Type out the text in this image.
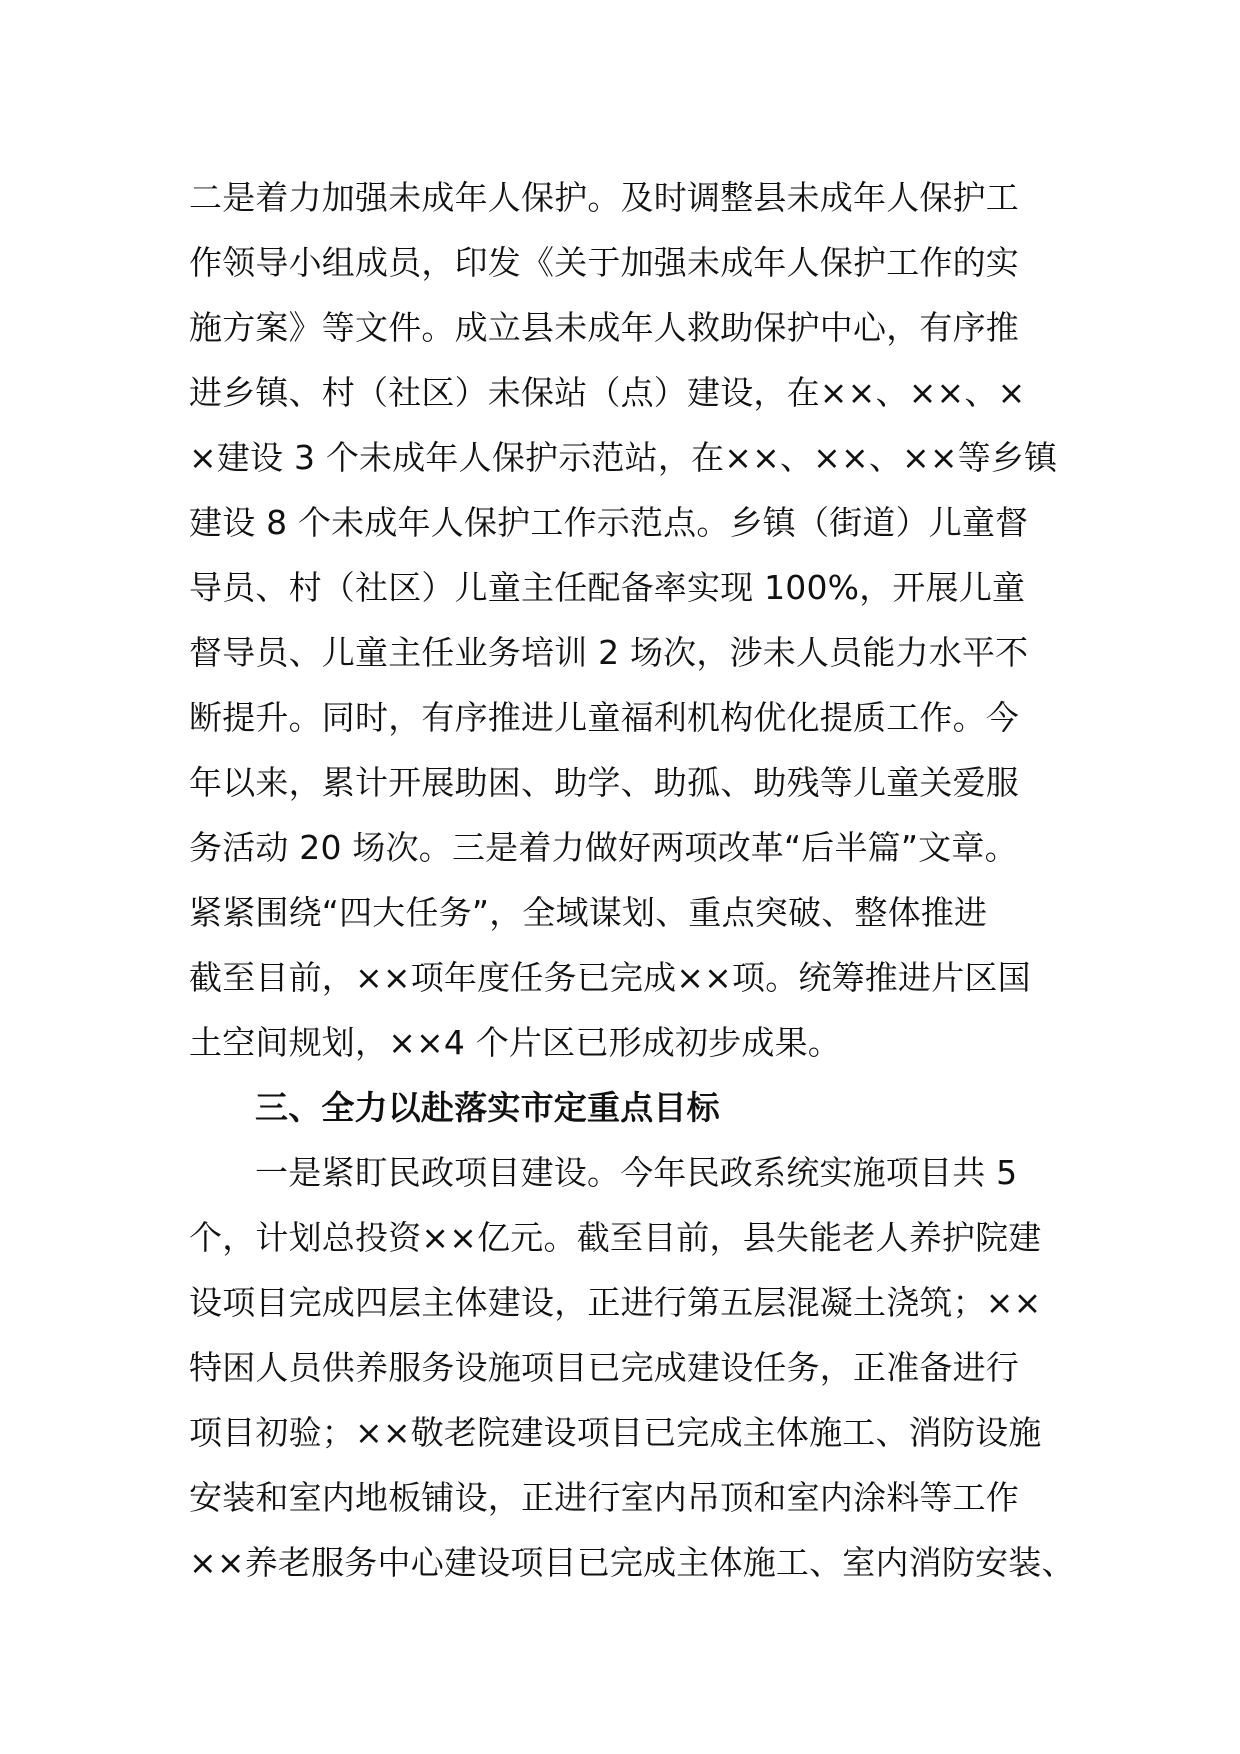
二是着力加强未成年人保护。及时调整县未成年人保护工
作领导小组成员，印发《关于加强未成年人保护工作的实
施方案》等文件。成立县未成年人救助保护中心，有序推
进乡镇、村（社区）未保站（点）建设，在××、××、×
×建设 3 个未成年人保护示范站，在××、××、××等乡镇
建设 8 个未成年人保护工作示范点。乡镇（街道）儿童督
导员、村（社区）儿童主任配备率实现 100%，开展儿童
督导员、儿童主任业务培训 2 场次，涉未人员能力水平不
断提升。同时，有序推进儿童福利机构优化提质工作。今
年以来，累计开展助困、助学、助孤、助残等儿童关爱服
务活动 20 场次。三是着力做好两项改革“后半篇”文章。
紧紧围绕“四大任务”，全域谋划、重点突破、整体推进
截至目前，××项年度任务已完成××项。统筹推进片区国
土空间规划，××4 个片区已形成初步成果。
三、全力以赴落实市定重点目标
一是紧盯民政项目建设。今年民政系统实施项目共 5
个，计划总投资××亿元。截至目前，县失能老人养护院建
设项目完成四层主体建设，正进行第五层混凝土浇筑；××
特困人员供养服务设施项目已完成建设任务，正准备进行
项目初验；××敬老院建设项目已完成主体施工、消防设施
安装和室内地板铺设，正进行室内吊顶和室内涂料等工作
××养老服务中心建设项目已完成主体施工、室内消防安装、
